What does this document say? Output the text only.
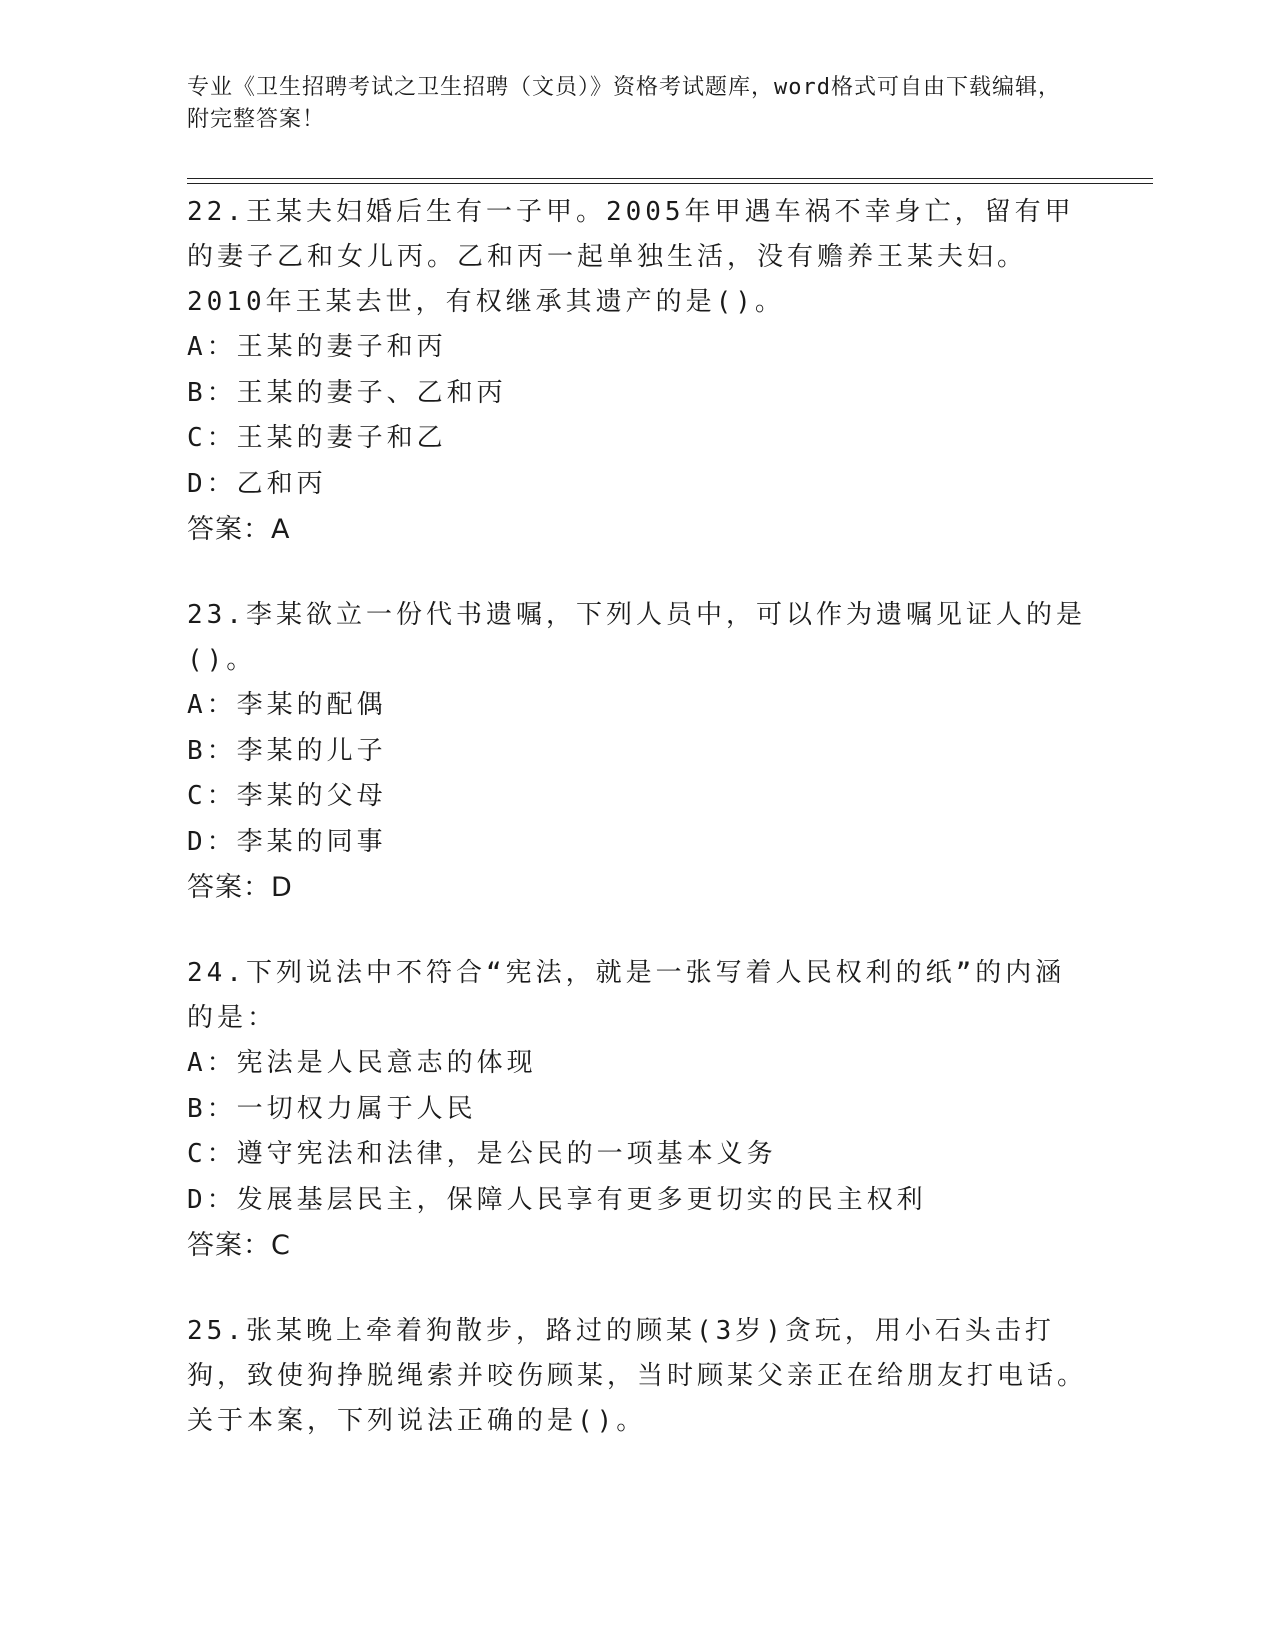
专业《卫生招聘考试之卫生招聘（文员）》资格考试题库，word格式可自由下载编辑，附完整答案！

22.王某夫妇婚后生有一子甲。2005年甲遇车祸不幸身亡，留有甲的妻子乙和女儿丙。乙和丙一起单独生活，没有赡养王某夫妇。2010年王某去世，有权继承其遗产的是()。

A：王某的妻子和丙
B：王某的妻子、乙和丙
C：王某的妻子和乙
D：乙和丙
答案：A

23.李某欲立一份代书遗嘱，下列人员中，可以作为遗嘱见证人的是()。

A：李某的配偶
B：李某的儿子
C：李某的父母
D：李某的同事
答案：D

24.下列说法中不符合“宪法，就是一张写着人民权利的纸”的内涵的是：

A：宪法是人民意志的体现
B：一切权力属于人民
C：遵守宪法和法律，是公民的一项基本义务
D：发展基层民主，保障人民享有更多更切实的民主权利
答案：C

25.张某晚上牵着狗散步，路过的顾某(3岁)贪玩，用小石头击打狗，致使狗挣脱绳索并咬伤顾某，当时顾某父亲正在给朋友打电话。关于本案，下列说法正确的是()。
